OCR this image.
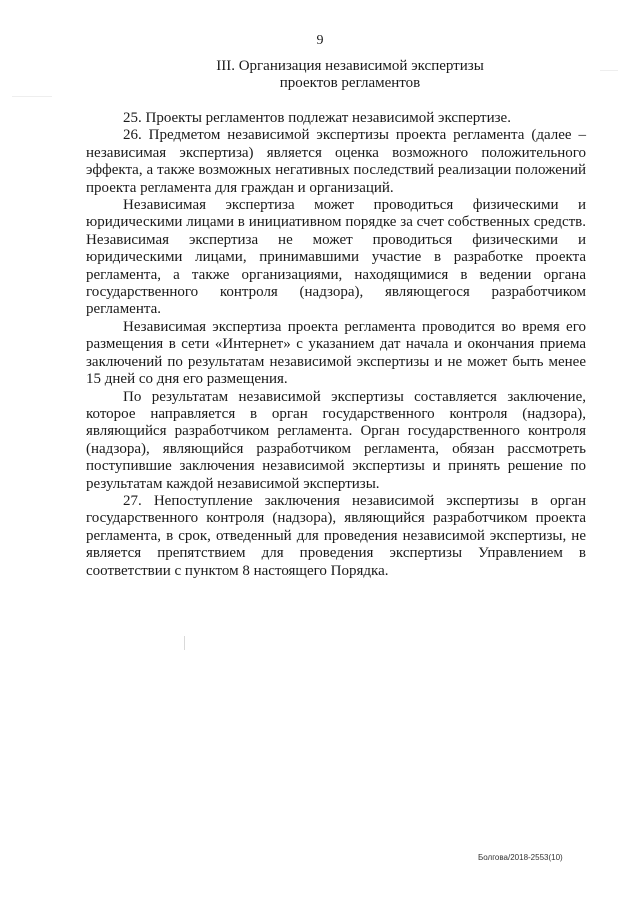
9
III. Организация независимой экспертизы
проектов регламентов

25. Проекты регламентов подлежат независимой экспертизе.

26. Предметом независимой экспертизы проекта регламента (далее – независимая экспертиза) является оценка возможного положительного эффекта, а также возможных негативных последствий реализации положений проекта регламента для граждан и организаций.

Независимая экспертиза может проводиться физическими и юридическими лицами в инициативном порядке за счет собственных средств. Независимая экспертиза не может проводиться физическими и юридическими лицами, принимавшими участие в разработке проекта регламента, а также организациями, находящимися в ведении органа государственного контроля (надзора), являющегося разработчиком регламента.

Независимая экспертиза проекта регламента проводится во время его размещения в сети «Интернет» с указанием дат начала и окончания приема заключений по результатам независимой экспертизы и не может быть менее 15 дней со дня его размещения.

По результатам независимой экспертизы составляется заключение, которое направляется в орган государственного контроля (надзора), являющийся разработчиком регламента. Орган государственного контроля (надзора), являющийся разработчиком регламента, обязан рассмотреть поступившие заключения независимой экспертизы и принять решение по результатам каждой независимой экспертизы.

27. Непоступление заключения независимой экспертизы в орган государственного контроля (надзора), являющийся разработчиком проекта регламента, в срок, отведенный для проведения независимой экспертизы, не является препятствием для проведения экспертизы Управлением в соответствии с пунктом 8 настоящего Порядка.

Болгова/2018-2553(10)
